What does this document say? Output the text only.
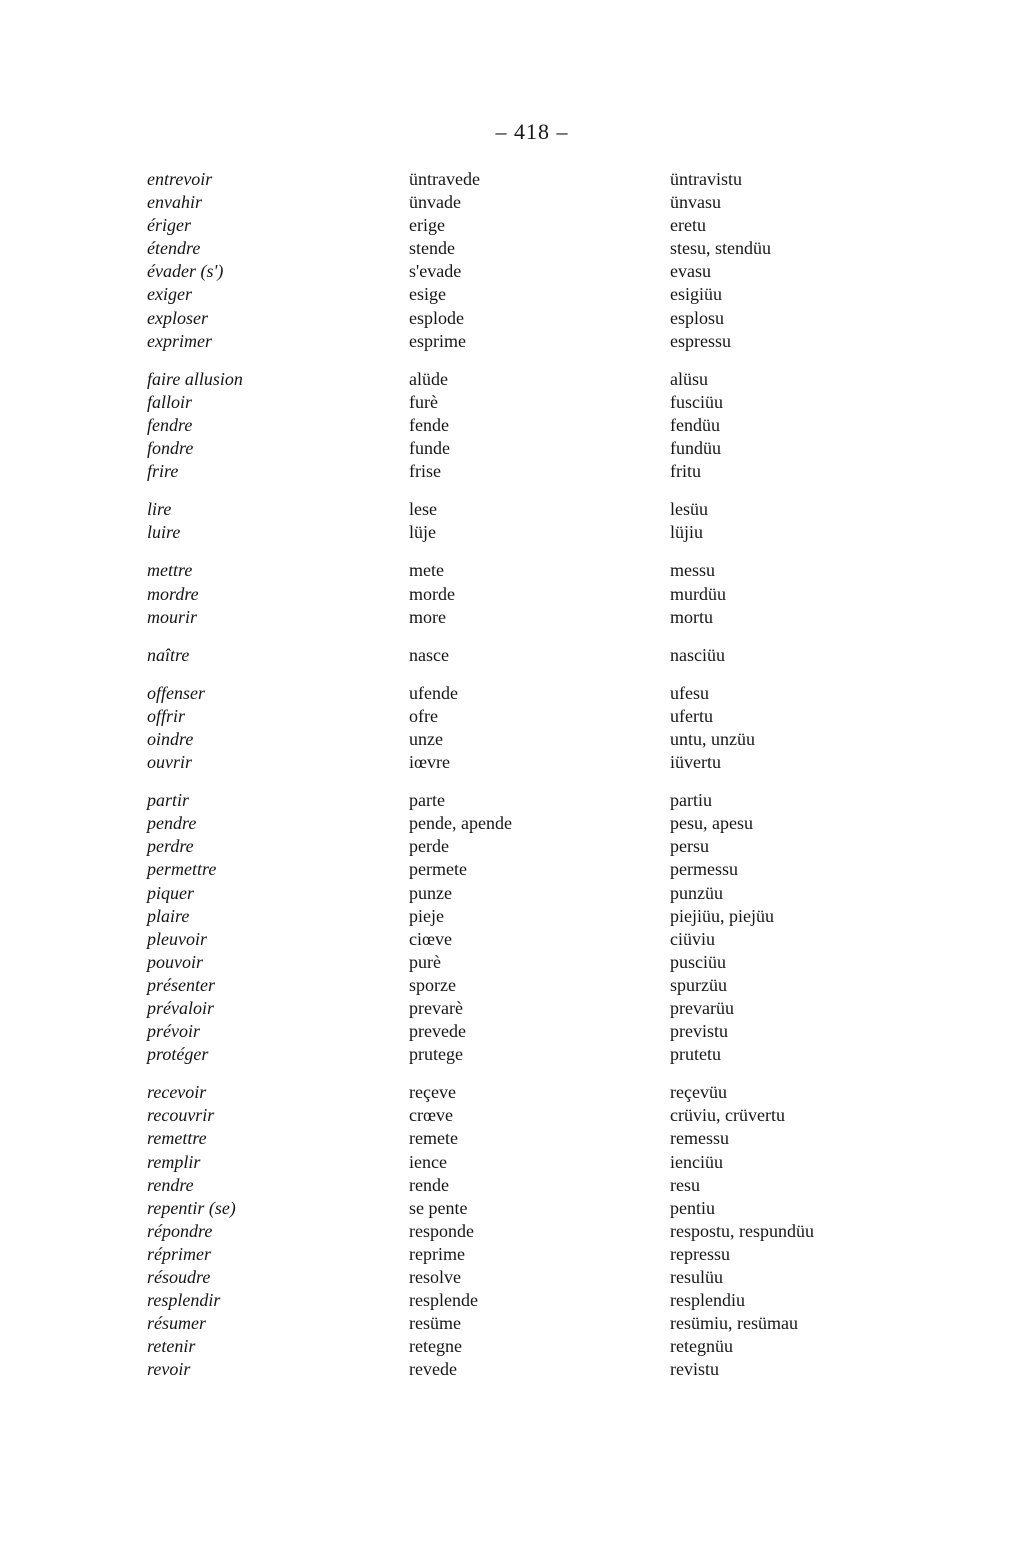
– 418 –
entrevoir	üntravede	üntravistu
envahir	ünvade	ünvasu
ériger	erige	eretu
étendre	stende	stesu, stendüu
évader (s')	s'evade	evasu
exiger	esige	esigiüu
exploser	esplode	esplosu
exprimer	esprime	espressu
faire allusion	alüde	alüsu
falloir	furè	fusciüu
fendre	fende	fendüu
fondre	funde	fundüu
frire	frise	fritu
lire	lese	lesüu
luire	lüje	lüjiu
mettre	mete	messu
mordre	morde	murdüu
mourir	more	mortu
naître	nasce	nasciüu
offenser	ufende	ufesu
offrir	ofre	ufertu
oindre	unze	untu, unzüu
ouvrir	iœvre	iüvertu
partir	parte	partiu
pendre	pende, apende	pesu, apesu
perdre	perde	persu
permettre	permete	permessu
piquer	punze	punzüu
plaire	pieje	piejiüu, piejüu
pleuvoir	ciœve	ciüviu
pouvoir	purè	pusciüu
présenter	sporze	spurzüu
prévaloir	prevarè	prevarüu
prévoir	prevede	previstu
protéger	prutege	prutetu
recevoir	reçeve	reçevüu
recouvrir	crœve	crüviu, crüvertu
remettre	remete	remessu
remplir	ience	ienciüu
rendre	rende	resu
repentir (se)	se pente	pentiu
répondre	responde	respostu, respundüu
réprimer	reprime	repressu
résoudre	resolve	resulüu
resplendir	resplende	resplendiu
résumer	resüme	resümiu, resümau
retenir	retegne	retegnüu
revoir	revede	revistu
